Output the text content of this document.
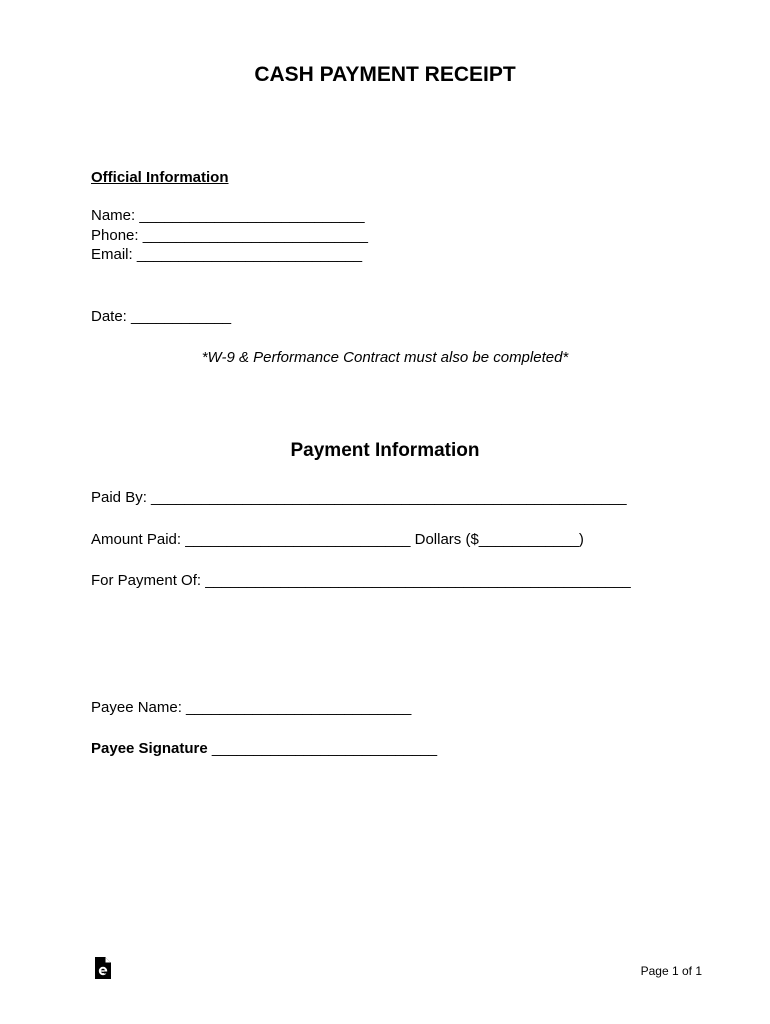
CASH PAYMENT RECEIPT
Official Information
Name: ___________________________
Phone: ___________________________
Email: ___________________________
Date: ____________
*W-9 & Performance Contract must also be completed*
Payment Information
Paid By: _________________________________________________________
Amount Paid: ___________________________ Dollars ($____________)
For Payment Of: ___________________________________________________
Payee Name: ___________________________
Payee Signature ___________________________
Page 1 of 1
